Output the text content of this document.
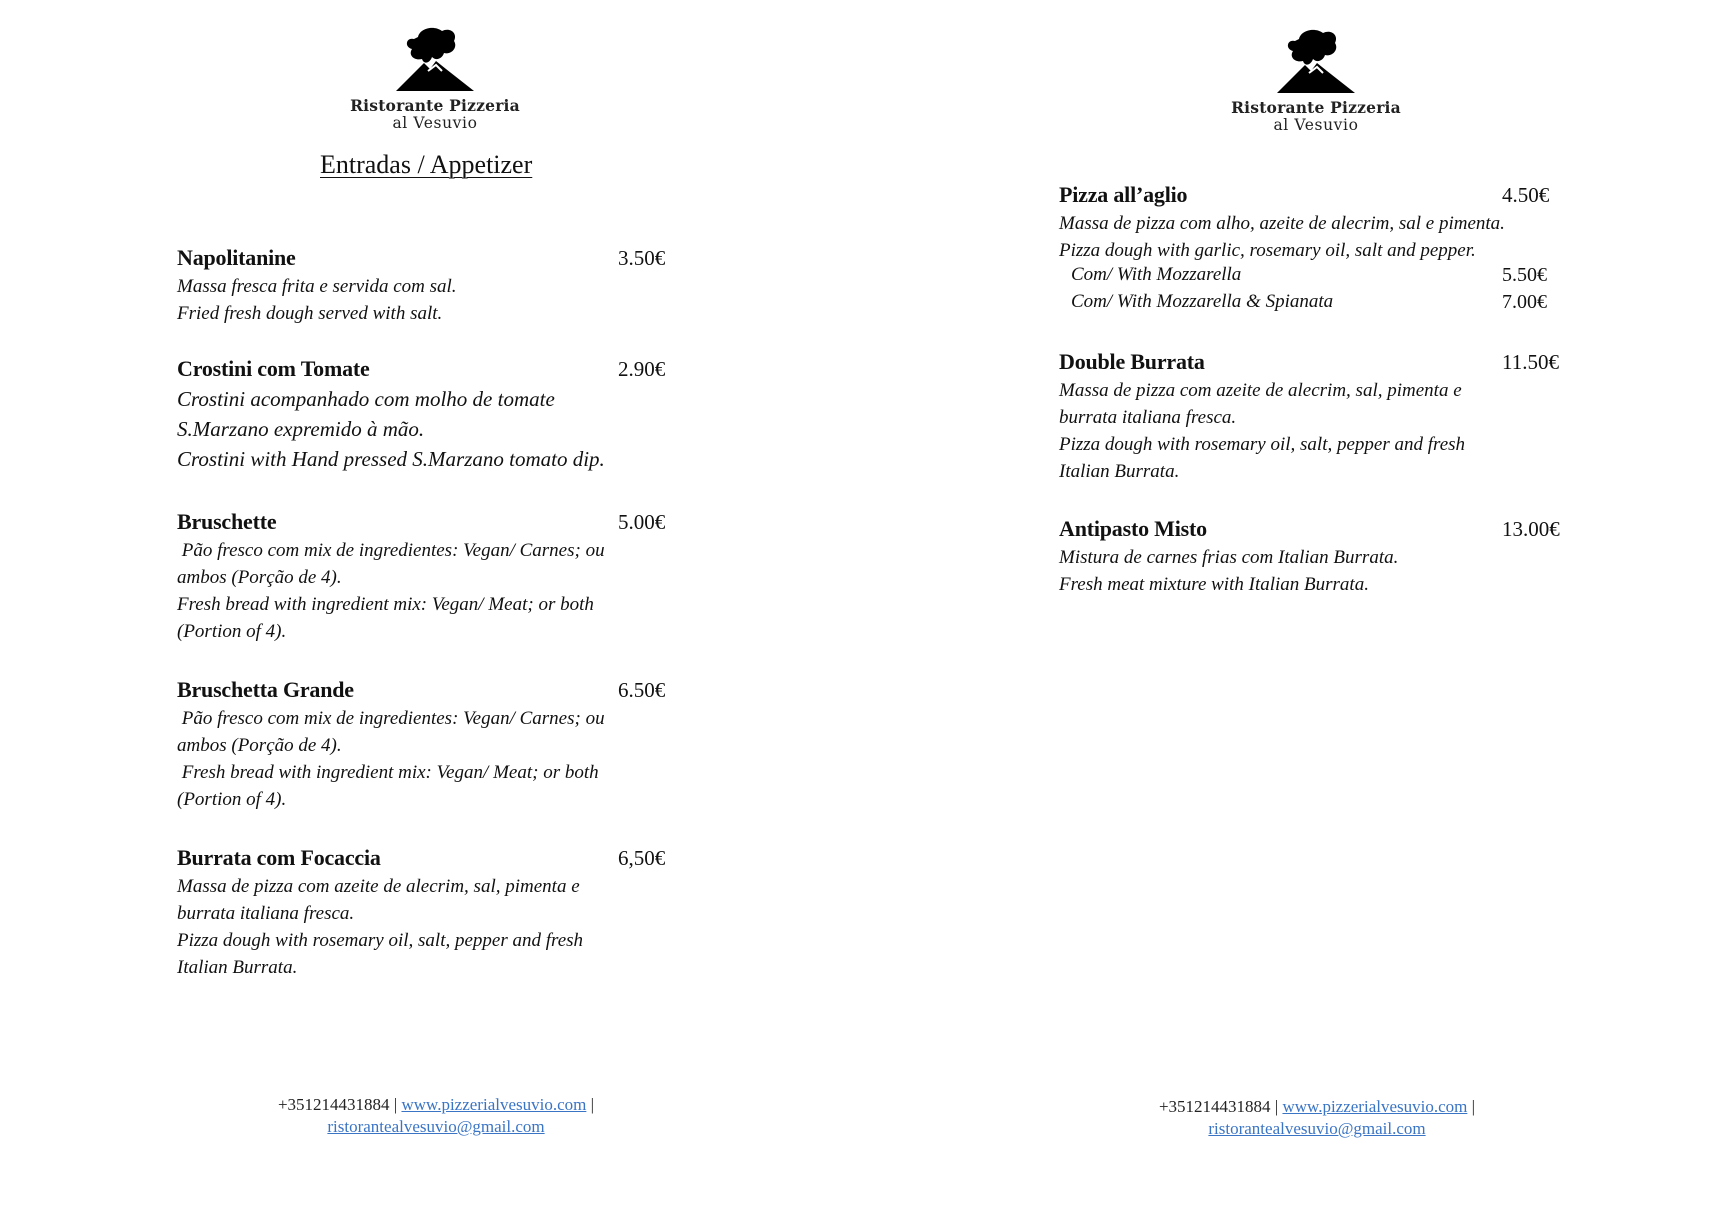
Ristorante Pizzeria
al Vesuvio
Entradas / Appetizer
Napolitanine	3.50€
Massa fresca frita e servida com sal.
Fried fresh dough served with salt.
Crostini com Tomate	2.90€
Crostini acompanhado com molho de tomate
S.Marzano expremido à mão.
Crostini with Hand pressed S.Marzano tomato dip.
Bruschette	5.00€
Pão fresco com mix de ingredientes: Vegan/ Carnes; ou
ambos (Porção de 4).
Fresh bread with ingredient mix: Vegan/ Meat; or both
(Portion of 4).
Bruschetta Grande	6.50€
Pão fresco com mix de ingredientes: Vegan/ Carnes; ou
ambos (Porção de 4).
Fresh bread with ingredient mix: Vegan/ Meat; or both
(Portion of 4).
Burrata com Focaccia	6,50€
Massa de pizza com azeite de alecrim, sal, pimenta e
burrata italiana fresca.
Pizza dough with rosemary oil, salt, pepper and fresh
Italian Burrata.
+351214431884 | www.pizzerialvesuvio.com |
ristorantealvesuvio@gmail.com
Ristorante Pizzeria
al Vesuvio
Pizza all’aglio	4.50€
Massa de pizza com alho, azeite de alecrim, sal e pimenta.
Pizza dough with garlic, rosemary oil, salt and pepper.
Com/ With Mozzarella	5.50€
Com/ With Mozzarella & Spianata	7.00€
Double Burrata	11.50€
Massa de pizza com azeite de alecrim, sal, pimenta e
burrata italiana fresca.
Pizza dough with rosemary oil, salt, pepper and fresh
Italian Burrata.
Antipasto Misto	13.00€
Mistura de carnes frias com Italian Burrata.
Fresh meat mixture with Italian Burrata.
+351214431884 | www.pizzerialvesuvio.com |
ristorantealvesuvio@gmail.com
